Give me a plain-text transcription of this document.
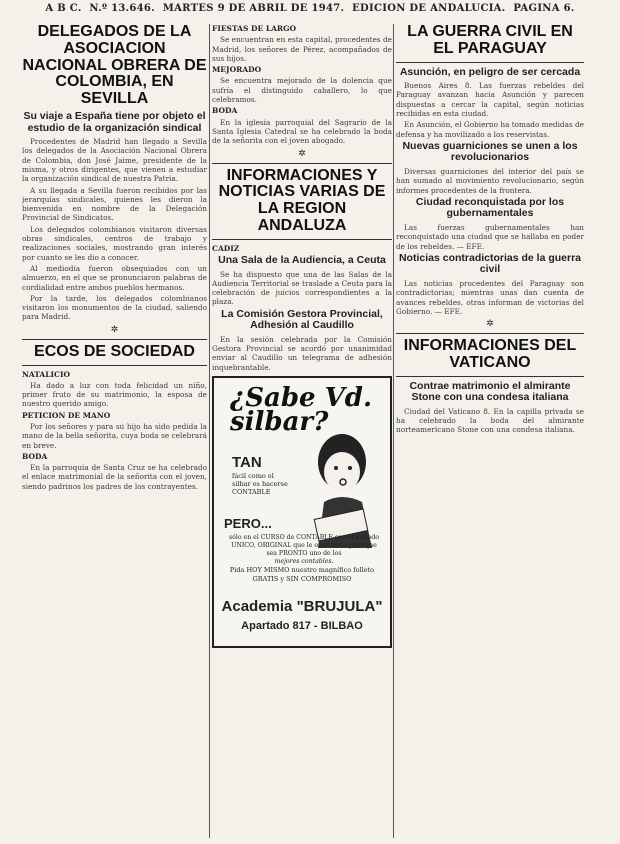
A B C. N.º 13.646. MARTES 9 DE ABRIL DE 1947. EDICION DE ANDALUCIA. PAGINA 6.
DELEGADOS DE LA ASOCIACION NACIONAL OBRERA DE COLOMBIA, EN SEVILLA
Su viaje a España tiene por objeto el estudio de la organización sindical

Procedentes de Madrid han llegado a Sevilla los delegados de la Asociación Nacional Obrera de Colombia, don José Jaime, presidente de la misma, y otros dirigentes, que vienen a estudiar la organización sindical de nuestra Patria.

A su llegada a Sevilla fueron recibidos por las jerarquías sindicales, quienes les dieron la bienvenida en nombre de la Delegación Provincial de Sindicatos.

Los delegados colombianos visitaron diversas obras sindicales, centros de trabajo y realizaciones sociales, mostrando gran interés por cuanto se les dio a conocer.

Al mediodía fueron obsequiados con un almuerzo, en el que se pronunciaron palabras de cordialidad entre ambos pueblos hermanos.

Por la tarde, los delegados colombianos visitaron los monumentos de la ciudad, saliendo para Madrid.

✲
ECOS DE SOCIEDAD

NATALICIO

Ha dado a luz con toda felicidad un niño, primer fruto de su matrimonio, la esposa de nuestro querido amigo.

PETICION DE MANO

Por los señores y para su hijo ha sido pedida la mano de la bella señorita, cuya boda se celebrará en breve.

BODA

En la parroquia de Santa Cruz se ha celebrado el enlace matrimonial de la señorita con el joven, siendo padrinos los padres de los contrayentes.

FIESTAS DE LARGO

Se encuentran en esta capital, procedentes de Madrid, los señores de Pérez, acompañados de sus hijos.

MEJORADO

Se encuentra mejorado de la dolencia que sufría el distinguido caballero, lo que celebramos.

BODA

En la iglesia parroquial del Sagrario de la Santa Iglesia Catedral se ha celebrado la boda de la señorita con el joven abogado.

✲
INFORMACIONES Y NOTICIAS VARIAS DE LA REGION ANDALUZA

CADIZ

Una Sala de la Audiencia, a Ceuta

Se ha dispuesto que una de las Salas de la Audiencia Territorial se traslade a Ceuta para la celebración de juicios correspondientes a la plaza.

La Comisión Gestora Provincial, Adhesión al Caudillo

En la sesión celebrada por la Comisión Gestora Provincial se acordó por unanimidad enviar al Caudillo un telegrama de adhesión inquebrantable.

¿Sabe Vd. silbar?
TAN
fácil como el silbar es hacerse CONTABLE
PERO...
sólo en el CURSO de CONTABLE con el método UNICO, ORIGINAL que le ofrecemos para que sea PRONTO uno de los
mejores contables.
Pida HOY MISMO nuestro magnífico folleto GRATIS y SIN COMPROMISO
Academia "BRUJULA"
Apartado 817 - BILBAO
LA GUERRA CIVIL EN EL PARAGUAY
Asunción, en peligro de ser cercada

Buenos Aires 8. Las fuerzas rebeldes del Paraguay avanzan hacia Asunción y parecen dispuestas a cercar la capital, según noticias recibidas en esta ciudad.

En Asunción, el Gobierno ha tomado medidas de defensa y ha movilizado a los reservistas.

Nuevas guarniciones se unen a los revolucionarios

Diversas guarniciones del interior del país se han sumado al movimiento revolucionario, según informes procedentes de la frontera.

Ciudad reconquistada por los gubernamentales

Las fuerzas gubernamentales han reconquistado una ciudad que se hallaba en poder de los rebeldes. — EFE.

Noticias contradictorias de la guerra civil

Las noticias procedentes del Paraguay son contradictorias; mientras unas dan cuenta de avances rebeldes, otras informan de victorias del Gobierno. — EFE.

✲
INFORMACIONES DEL VATICANO
Contrae matrimonio el almirante Stone con una condesa italiana

Ciudad del Vaticano 8. En la capilla privada se ha celebrado la boda del almirante norteamericano Stone con una condesa italiana.
